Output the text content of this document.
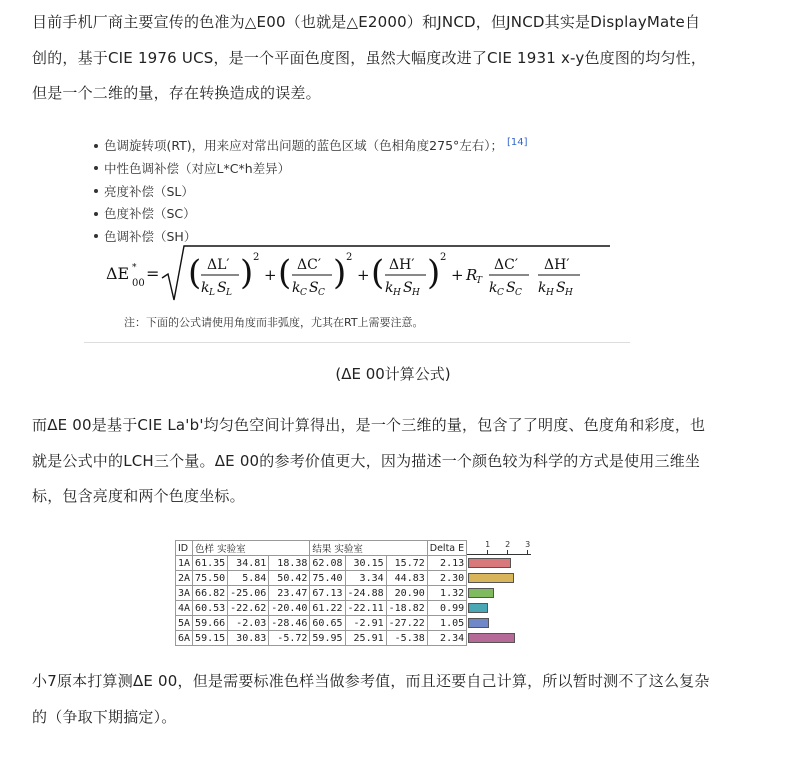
目前手机厂商主要宣传的色准为△E00（也就是△E2000）和JNCD，但JNCD其实是DisplayMate自创的，基于CIE 1976 UCS，是一个平面色度图，虽然大幅度改进了CIE 1931 x-y色度图的均匀性，但是一个二维的量，存在转换造成的误差。

色调旋转项(RT)，用来应对常出问题的蓝色区域（色相角度275°左右）； [14]
中性色调补偿（对应L*C*h差异）
亮度补偿（SL）
色度补偿（SC）
色调补偿（SH）
ΔE
00
* = ( ΔL′
k L S L ) 2
+ ( ΔC′
k C S C ) 2
+ ( ΔH′
k H S H ) 2
+ R
T
ΔC′
k C S C
ΔH′
k H S H
注：下面的公式请使用角度而非弧度，尤其在RT上需要注意。
(ΔE 00计算公式)

而ΔE 00是基于CIE La'b'均匀色空间计算得出，是一个三维的量，包含了了明度、色度角和彩度，也就是公式中的LCH三个量。ΔE 00的参考价值更大，因为描述一个颜色较为科学的方式是使用三维坐标，包含亮度和两个色度坐标。

ID	色样 实验室			结果 实验室			Delta E	1 2 3

1A	61.35	34.81	18.38	62.08	30.15	15.72	2.13	

2A	75.50	5.84	50.42	75.40	3.34	44.83	2.30	

3A	66.82	-25.06	23.47	67.13	-24.88	20.90	1.32	

4A	60.53	-22.62	-20.40	61.22	-22.11	-18.82	0.99	

5A	59.66	-2.03	-28.46	60.65	-2.91	-27.22	1.05	

6A	59.15	30.83	-5.72	59.95	25.91	-5.38	2.34	

小7原本打算测ΔE 00，但是需要标准色样当做参考值，而且还要自己计算，所以暂时测不了这么复杂的（争取下期搞定）。
